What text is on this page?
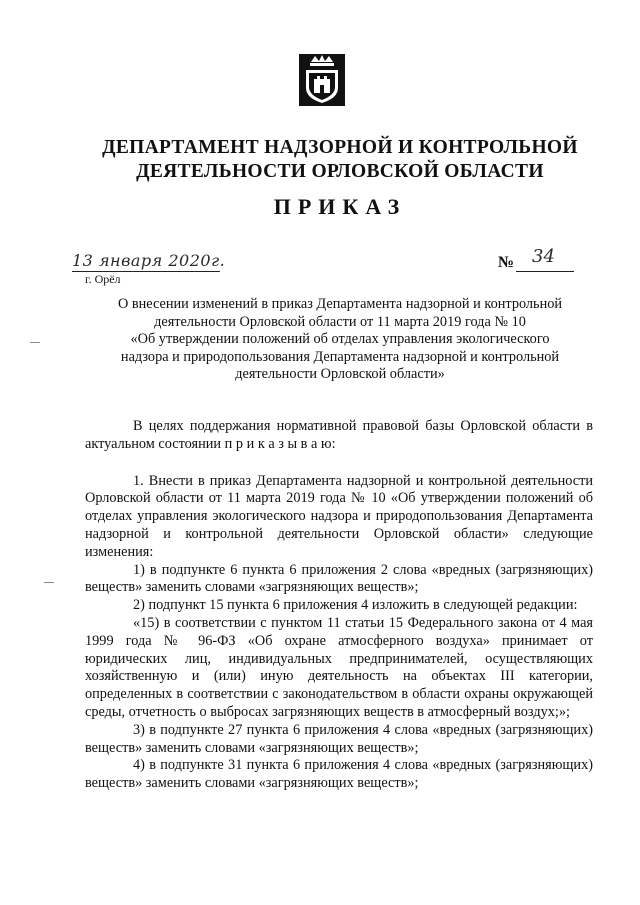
ДЕПАРТАМЕНТ НАДЗОРНОЙ И КОНТРОЛЬНОЙ
ДЕЯТЕЛЬНОСТИ ОРЛОВСКОЙ ОБЛАСТИ
ПРИКАЗ
13 января 2020г.
г. Орёл
№ 34
О внесении изменений в приказ Департамента надзорной и контрольной
деятельности Орловской области от 11 марта 2019 года № 10
«Об утверждении положений об отделах управления экологического
надзора и природопользования Департамента надзорной и контрольной
деятельности Орловской области»

В целях поддержания нормативной правовой базы Орловской области в актуальном состоянии п р и к а з ы в а ю:

1. Внести в приказ Департамента надзорной и контрольной деятельности Орловской области от 11 марта 2019 года № 10 «Об утверждении положений об отделах управления экологического надзора и природопользования Департамента надзорной и контрольной деятельности Орловской области» следующие изменения:

1) в подпункте 6 пункта 6 приложения 2 слова «вредных (загрязняющих) веществ» заменить словами «загрязняющих веществ»;

2) подпункт 15 пункта 6 приложения 4 изложить в следующей редакции:

«15) в соответствии с пунктом 11 статьи 15 Федерального закона от 4 мая 1999 года № 96-ФЗ «Об охране атмосферного воздуха» принимает от юридических лиц, индивидуальных предпринимателей, осуществляющих хозяйственную и (или) иную деятельность на объектах III категории, определенных в соответствии с законодательством в области охраны окружающей среды, отчетность о выбросах загрязняющих веществ в атмосферный воздух;»;

3) в подпункте 27 пункта 6 приложения 4 слова «вредных (загрязняющих) веществ» заменить словами «загрязняющих веществ»;

4) в подпункте 31 пункта 6 приложения 4 слова «вредных (загрязняющих) веществ» заменить словами «загрязняющих веществ»;
